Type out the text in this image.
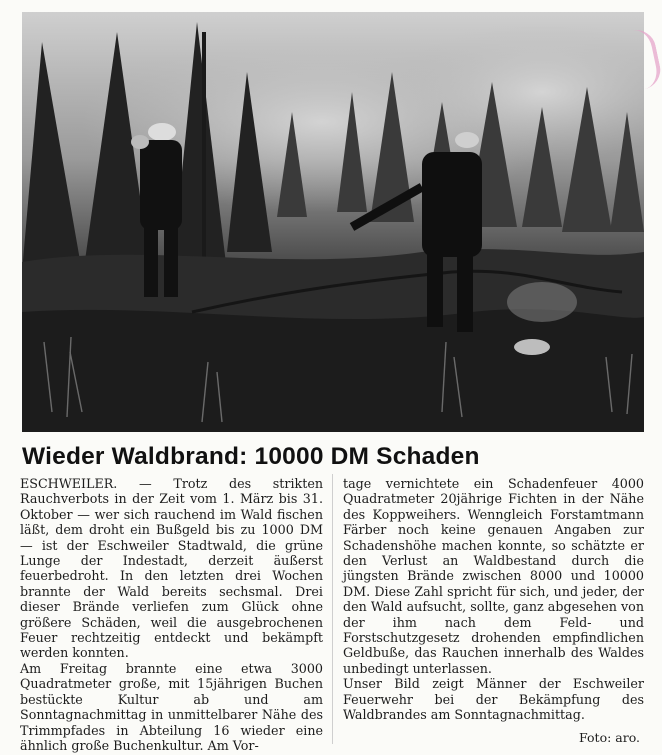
Wieder Waldbrand: 10000 DM Schaden

ESCHWEILER. — Trotz des strikten Rauchverbots in der Zeit vom 1. März bis 31. Oktober — wer sich rauchend im Wald fischen läßt, dem droht ein Bußgeld bis zu 1000 DM — ist der Eschweiler Stadtwald, die grüne Lunge der Indestadt, derzeit äußerst feuerbedroht. In den letzten drei Wochen brannte der Wald bereits sechsmal. Drei dieser Brände verliefen zum Glück ohne größere Schäden, weil die ausgebrochenen Feuer rechtzeitig entdeckt und bekämpft werden konnten.

Am Freitag brannte eine etwa 3000 Quadratmeter große, mit 15jährigen Buchen bestückte Kultur ab und am Sonntagnachmittag in unmittelbarer Nähe des Trimmpfades in Abteilung 16 wieder eine ähnlich große Buchenkultur. Am Vor-

tage vernichtete ein Schadenfeuer 4000 Quadratmeter 20jährige Fichten in der Nähe des Koppweihers. Wenngleich Forstamtmann Färber noch keine genauen Angaben zur Schadenshöhe machen konnte, so schätzte er den Verlust an Waldbestand durch die jüngsten Brände zwischen 8000 und 10000 DM. Diese Zahl spricht für sich, und jeder, der den Wald aufsucht, sollte, ganz abgesehen von der ihm nach dem Feld- und Forstschutzgesetz drohenden empfindlichen Geldbuße, das Rauchen innerhalb des Waldes unbedingt unterlassen.

Unser Bild zeigt Männer der Eschweiler Feuerwehr bei der Bekämpfung des Waldbrandes am Sonntagnachmittag.

Foto: aro.
